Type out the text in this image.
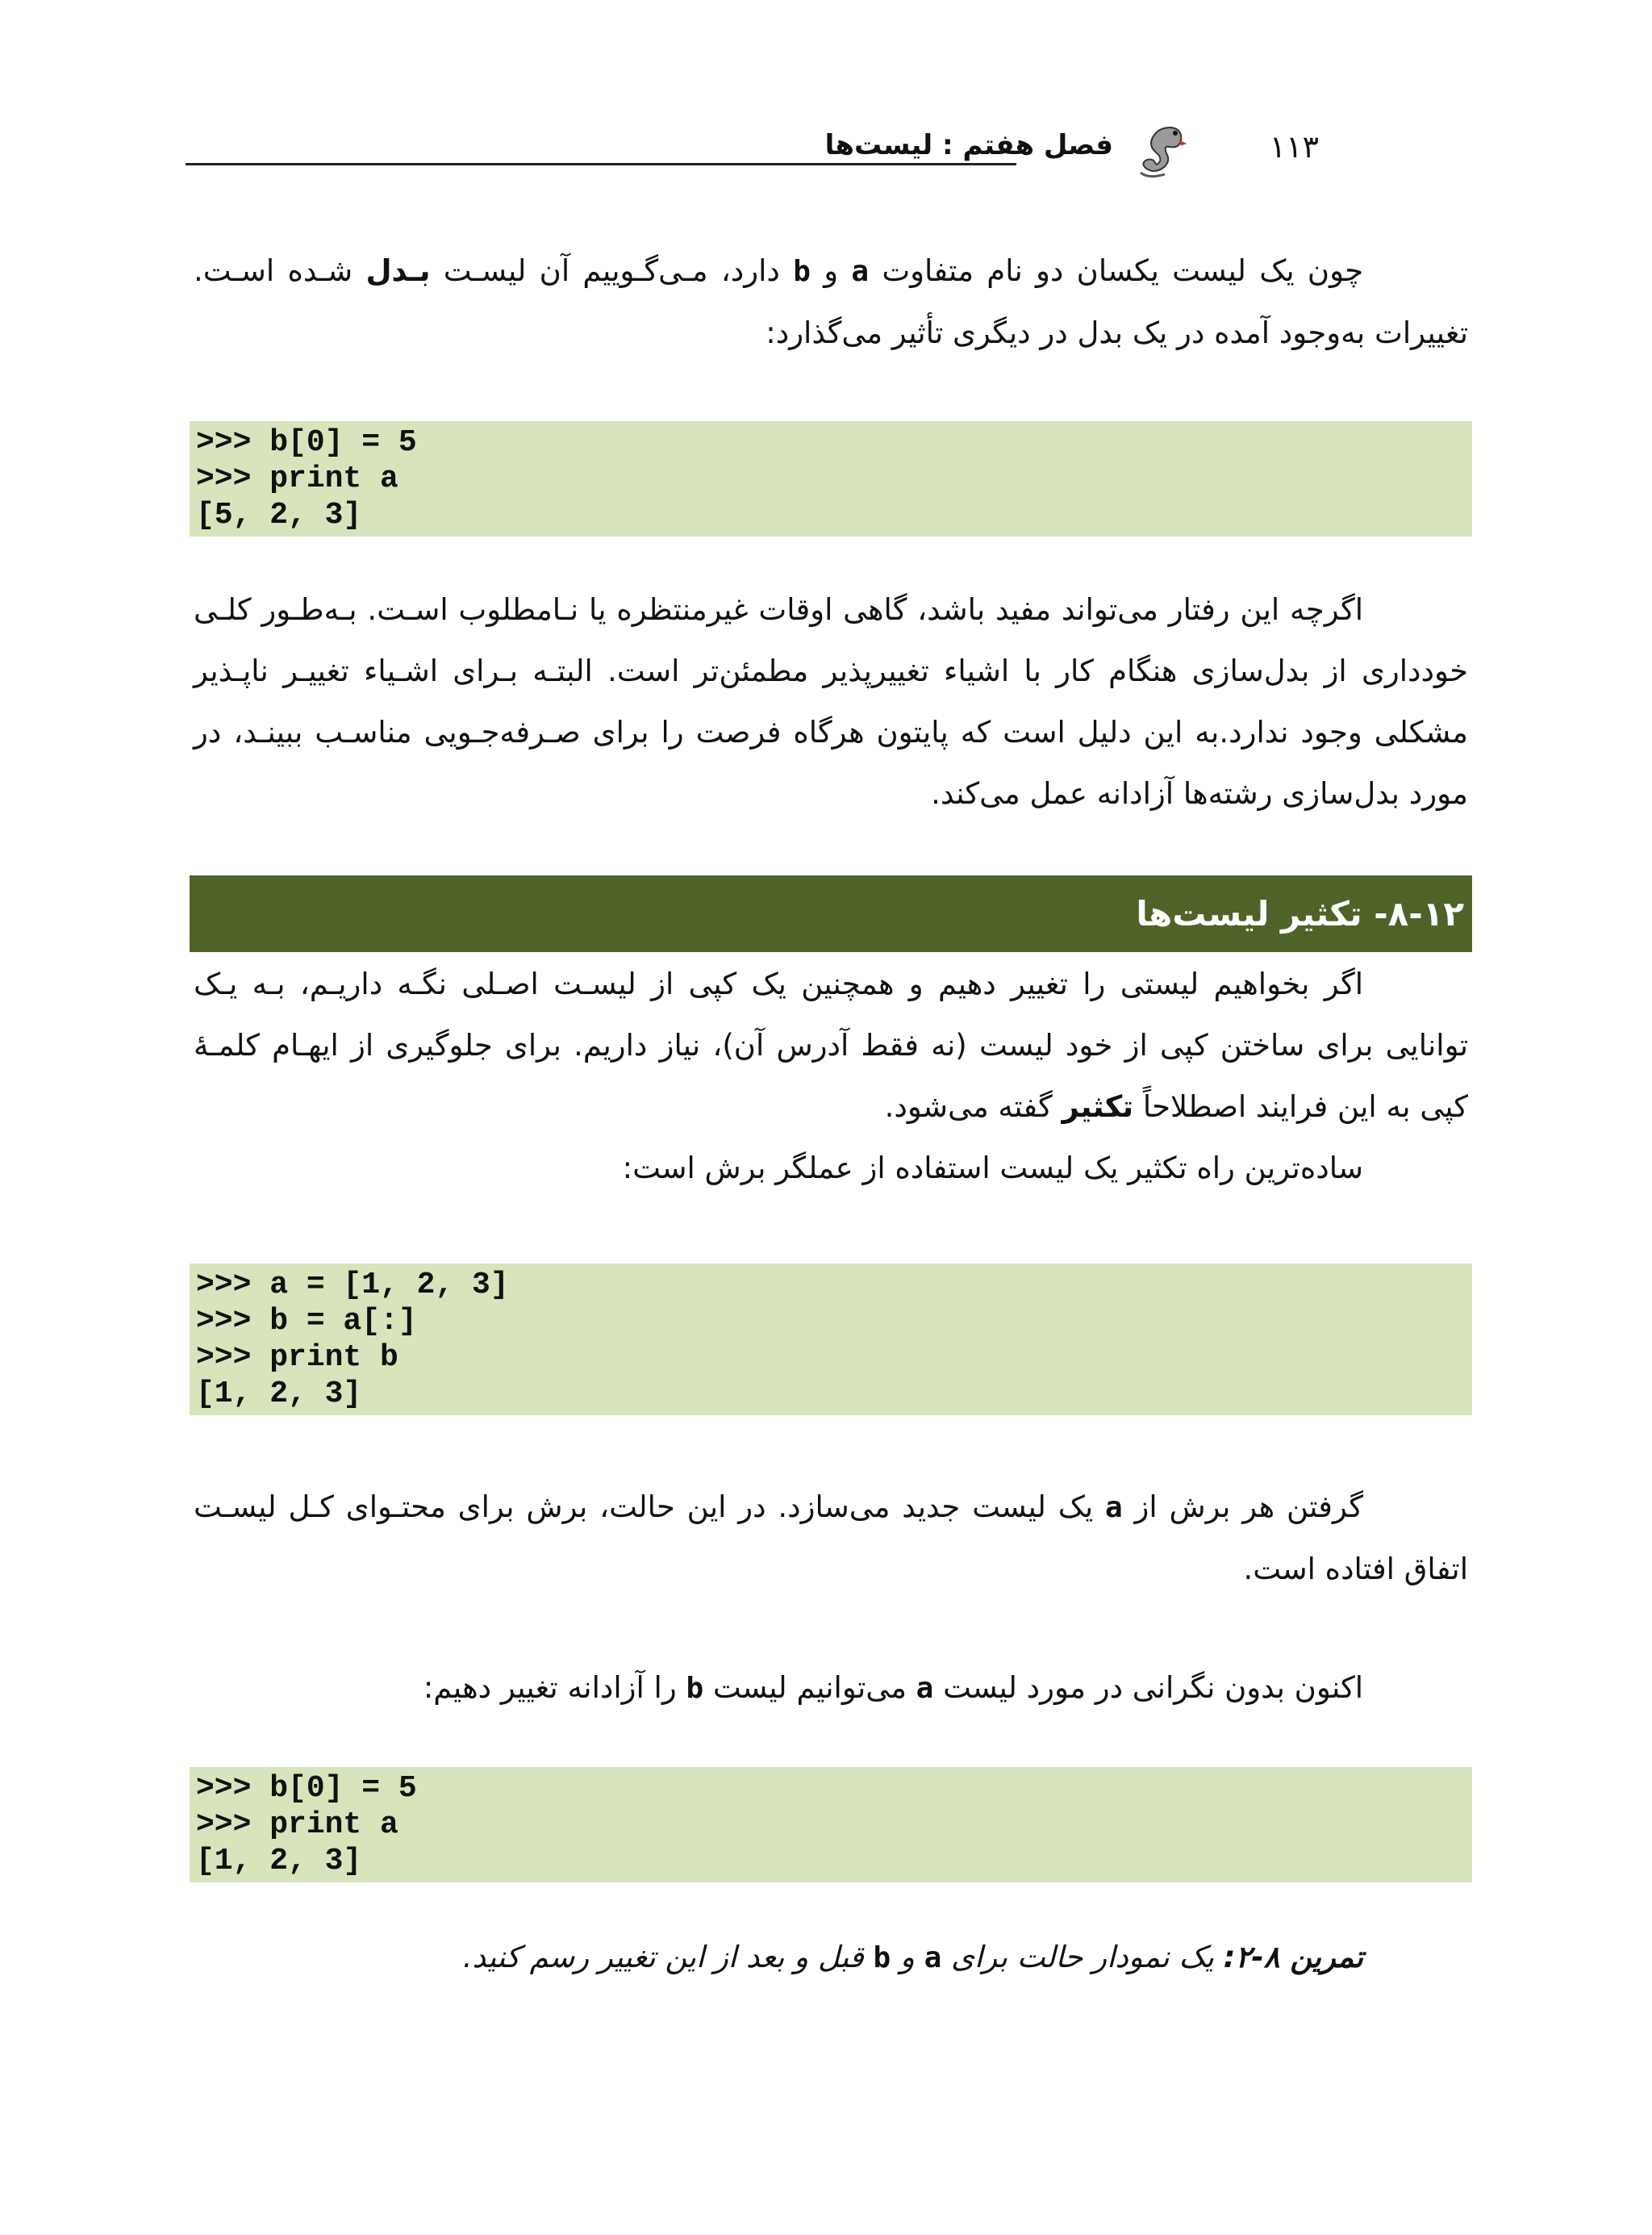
فصل هفتم : لیست‌ها	۱۱۳
چون یک لیست یکسان دو نام متفاوت a و b دارد، مـی‌گـوییم آن لیسـت بـدل شـده اسـت.
تغییرات به‌وجود آمده در یک بدل در دیگری تأثیر می‌گذارد:
>>> b[0] = 5
>>> print a
[5, 2, 3]
اگرچه این رفتار می‌تواند مفید باشد، گاهی اوقات غیرمنتظره یا نـامطلوب اسـت. بـه‌طـور کلـی
خودداری از بدل‌سازی هنگام کار با اشیاء تغییرپذیر مطمئن‌تر است. البتـه بـرای اشـیاء تغییـر ناپـذیر
مشکلی وجود ندارد.به این دلیل است که پایتون هرگاه فرصت را برای صـرفه‌جـویی مناسـب ببینـد، در
مورد بدل‌سازی رشته‌ها آزادانه عمل می‌کند.
۸-۱۲- تکثیر لیست‌ها
اگر بخواهیم لیستی را تغییر دهیم و همچنین یک کپی از لیسـت اصـلی نگـه داریـم، بـه یـک
توانایی برای ساختن کپی از خود لیست (نه فقط آدرس آن)، نیاز داریم. برای جلوگیری از ایهـام کلمـهٔ
کپی به این فرایند اصطلاحاً تکثیر گفته می‌شود.
ساده‌ترین راه تکثیر یک لیست استفاده از عملگر برش است:
>>> a = [1, 2, 3]
>>> b = a[:]
>>> print b
[1, 2, 3]
گرفتن هر برش از a یک لیست جدید می‌سازد. در این حالت، برش برای محتـوای کـل لیسـت
اتفاق افتاده است.
اکنون بدون نگرانی در مورد لیست a می‌توانیم لیست b را آزادانه تغییر دهیم:
>>> b[0] = 5
>>> print a
[1, 2, 3]
تمرین ۸-۲: یک نمودار حالت برای a و b قبل و بعد از این تغییر رسم کنید.
